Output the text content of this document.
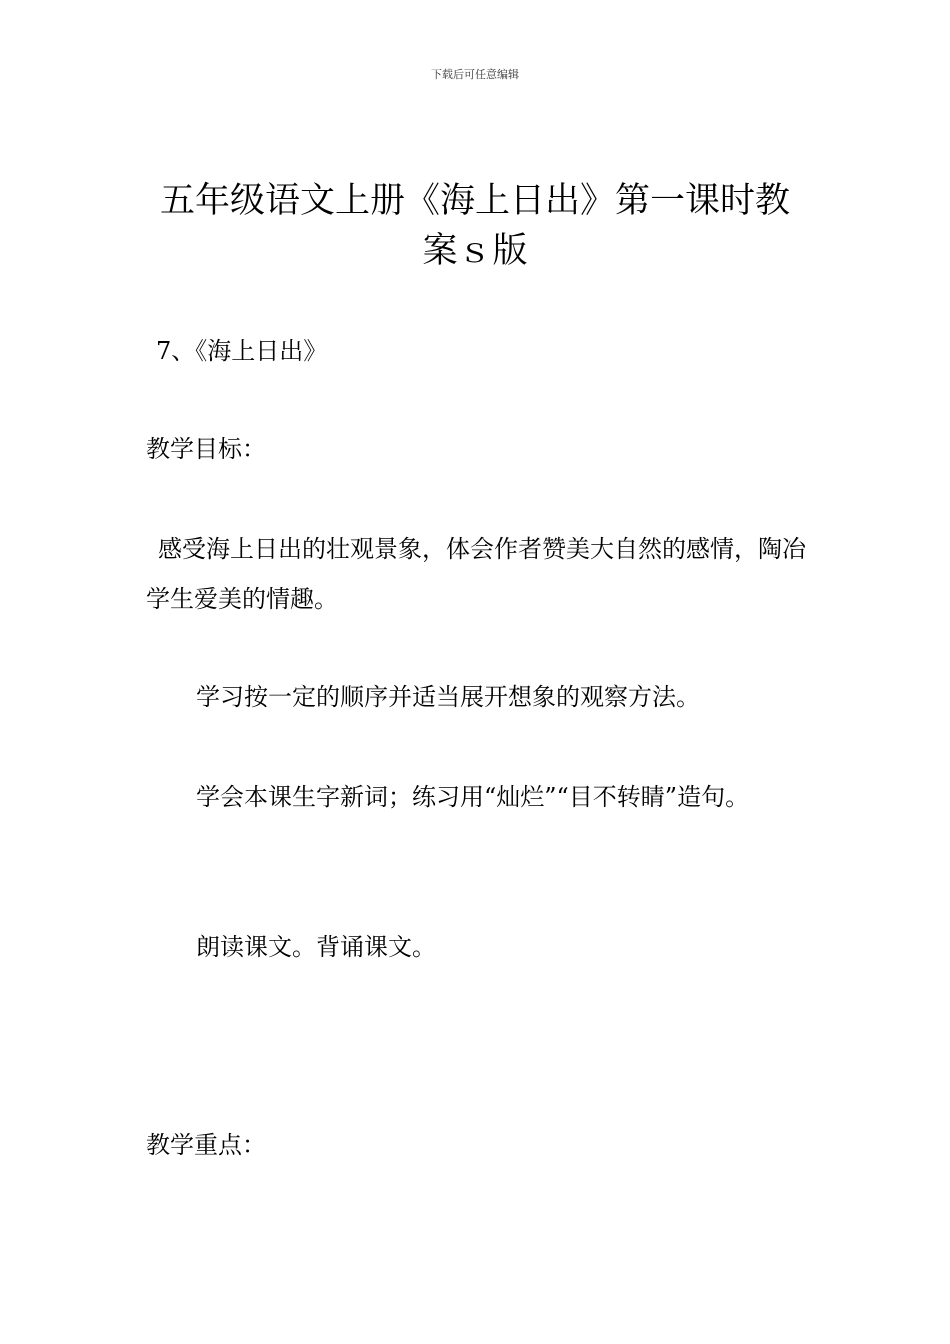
下载后可任意编辑
五年级语文上册《海上日出》第一课时教案ｓ版
7、《海上日出》
教学目标：
感受海上日出的壮观景象，体会作者赞美大自然的感情，陶冶学生爱美的情趣。
学习按一定的顺序并适当展开想象的观察方法。
学会本课生字新词；练习用“灿烂”“目不转睛”造句。
朗读课文。背诵课文。
教学重点：
